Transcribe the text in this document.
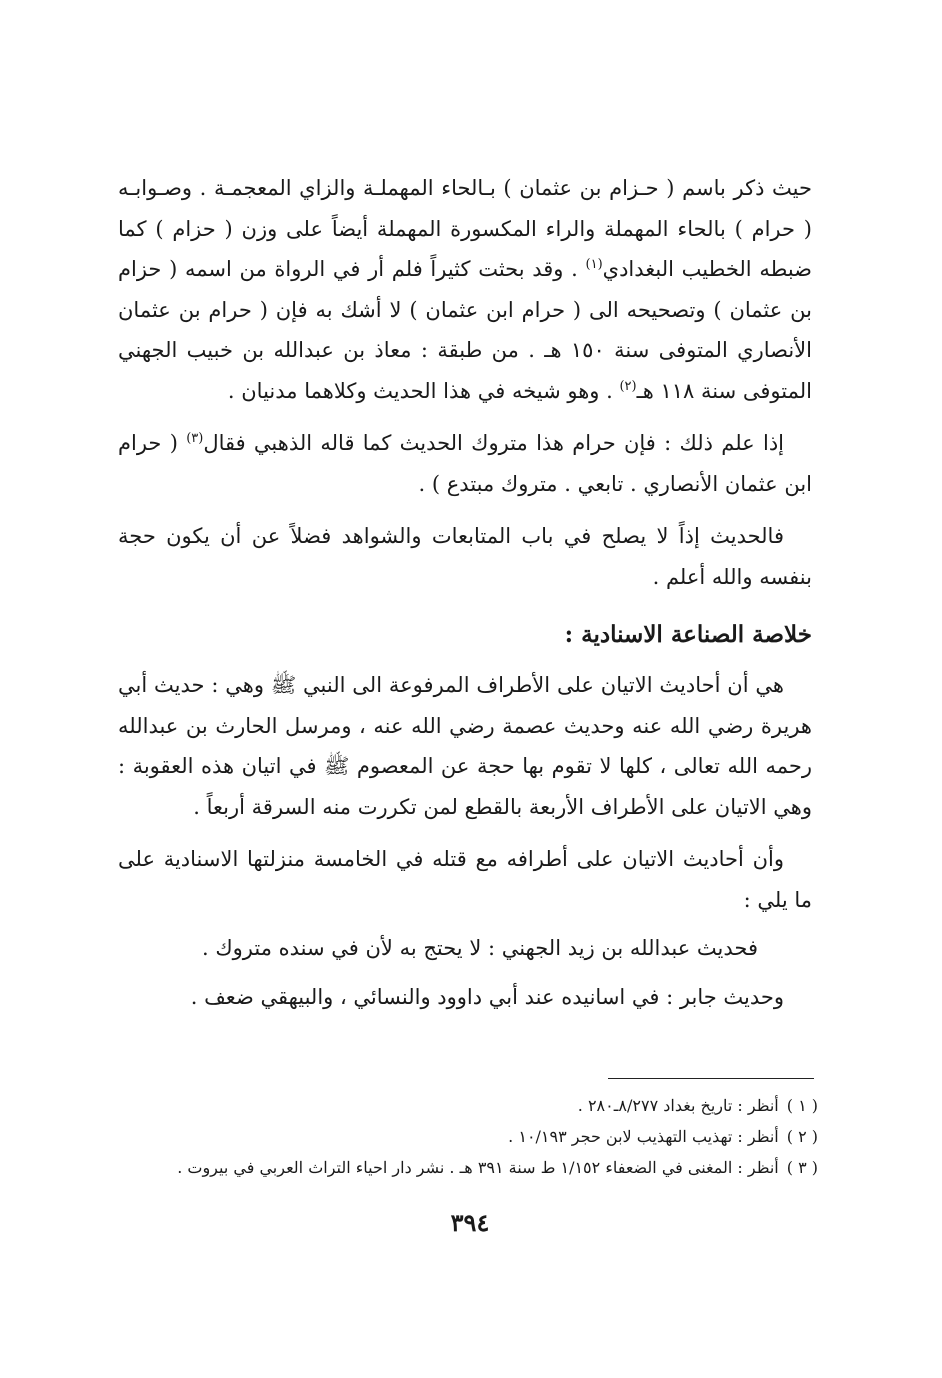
حيث ذكر باسم ( حـزام بن عثمان ) بـالحاء المهملـة والزاي المعجمـة . وصـوابـه ( حرام ) بالحاء المهملة والراء المكسورة المهملة أيضاً على وزن ( حزام ) كما ضبطه الخطيب البغدادي$^{(١)}$ . وقد بحثت كثيراً فلم أر في الرواة من اسمه ( حزام بن عثمان ) وتصحيحه الى ( حرام ابن عثمان ) لا أشك به فإن ( حرام بن عثمان الأنصاري المتوفى سنة ١٥٠ هـ . من طبقة : معاذ بن عبدالله بن خبيب الجهني المتوفى سنة ١١٨ هـ$^{(٢)}$ . وهو شيخه في هذا الحديث وكلاهما مدنيان .

إذا علم ذلك : فإن حرام هذا متروك الحديث كما قاله الذهبي فقال$^{(٣)}$ ( حرام ابن عثمان الأنصاري . تابعي . متروك مبتدع ) .

فالحديث إذاً لا يصلح في باب المتابعات والشواهد فضلاً عن أن يكون حجة بنفسه والله أعلم .

خلاصة الصناعة الاسنادية :

هي أن أحاديث الاتيان على الأطراف المرفوعة الى النبي ﷺ وهي : حديث أبي هريرة رضي الله عنه وحديث عصمة رضي الله عنه ، ومرسل الحارث بن عبدالله رحمه الله تعالى ، كلها لا تقوم بها حجة عن المعصوم ﷺ في اتيان هذه العقوبة : وهي الاتيان على الأطراف الأربعة بالقطع لمن تكررت منه السرقة أربعاً .

وأن أحاديث الاتيان على أطرافه مع قتله في الخامسة منزلتها الاسنادية على ما يلي :

فحديث عبدالله بن زيد الجهني : لا يحتج به لأن في سنده متروك .

وحديث جابر : في اسانيده عند أبي داوود والنسائي ، والبيهقي ضعف .

( ١ )أنظر : تاريخ بغداد ٨/٢٧٧ـ٢٨٠ .

( ٢ )أنظر : تهذيب التهذيب لابن حجر ١٠/١٩٣ .

( ٣ )أنظر : المغنى في الضعفاء ١/١٥٢ ط سنة ٣٩١ هـ . نشر دار احياء التراث العربي في بيروت .

٣٩٤
